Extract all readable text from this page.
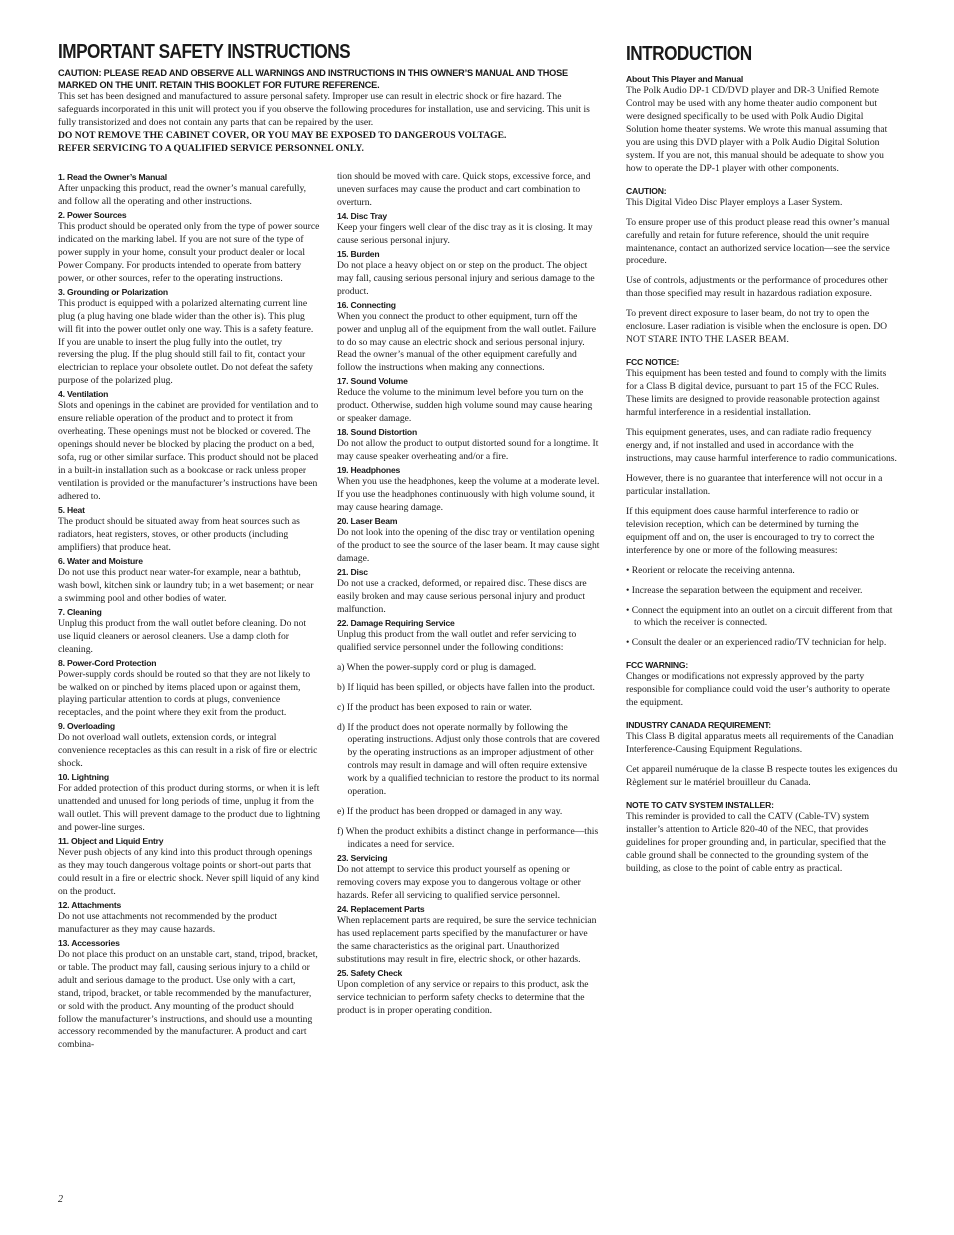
IMPORTANT SAFETY INSTRUCTIONS
CAUTION: PLEASE READ AND OBSERVE ALL WARNINGS AND INSTRUCTIONS IN THIS OWNER’S MANUAL AND THOSE MARKED ON THE UNIT. RETAIN THIS BOOKLET FOR FUTURE REFERENCE.
This set has been designed and manufactured to assure personal safety. Improper use can result in electric shock or fire hazard. The safeguards incorporated in this unit will protect you if you observe the following procedures for installation, use and servicing. This unit is fully transistorized and does not contain any parts that can be repaired by the user.
DO NOT REMOVE THE CABINET COVER, OR YOU MAY BE EXPOSED TO DANGEROUS VOLTAGE.
REFER SERVICING TO A QUALIFIED SERVICE PERSONNEL ONLY.
1. Read the Owner’s Manual
After unpacking this product, read the owner’s manual carefully, and follow all the operating and other instructions.
2. Power Sources
This product should be operated only from the type of power source indicated on the marking label. If you are not sure of the type of power supply in your home, consult your product dealer or local Power Company. For products intended to operate from battery power, or other sources, refer to the operating instructions.
3. Grounding or Polarization
This product is equipped with a polarized alternating current line plug (a plug having one blade wider than the other is). This plug will fit into the power outlet only one way. This is a safety feature. If you are unable to insert the plug fully into the outlet, try reversing the plug. If the plug should still fail to fit, contact your electrician to replace your obsolete outlet. Do not defeat the safety purpose of the polarized plug.
4. Ventilation
Slots and openings in the cabinet are provided for ventilation and to ensure reliable operation of the product and to protect it from overheating. These openings must not be blocked or covered. The openings should never be blocked by placing the product on a bed, sofa, rug or other similar surface. This product should not be placed in a built-in installation such as a bookcase or rack unless proper ventilation is provided or the manufacturer’s instructions have been adhered to.
5. Heat
The product should be situated away from heat sources such as radiators, heat registers, stoves, or other products (including amplifiers) that produce heat.
6. Water and Moisture
Do not use this product near water-for example, near a bathtub, wash bowl, kitchen sink or laundry tub; in a wet basement; or near a swimming pool and other bodies of water.
7. Cleaning
Unplug this product from the wall outlet before cleaning. Do not use liquid cleaners or aerosol cleaners. Use a damp cloth for cleaning.
8. Power-Cord Protection
Power-supply cords should be routed so that they are not likely to be walked on or pinched by items placed upon or against them, playing particular attention to cords at plugs, convenience receptacles, and the point where they exit from the product.
9. Overloading
Do not overload wall outlets, extension cords, or integral convenience receptacles as this can result in a risk of fire or electric shock.
10. Lightning
For added protection of this product during storms, or when it is left unattended and unused for long periods of time, unplug it from the wall outlet. This will prevent damage to the product due to lightning and power-line surges.
11. Object and Liquid Entry
Never push objects of any kind into this product through openings as they may touch dangerous voltage points or short-out parts that could result in a fire or electric shock. Never spill liquid of any kind on the product.
12. Attachments
Do not use attachments not recommended by the product manufacturer as they may cause hazards.
13. Accessories
Do not place this product on an unstable cart, stand, tripod, bracket, or table. The product may fall, causing serious injury to a child or adult and serious damage to the product. Use only with a cart, stand, tripod, bracket, or table recommended by the manufacturer, or sold with the product. Any mounting of the product should follow the manufacturer’s instructions, and should use a mounting accessory recommended by the manufacturer. A product and cart combina-
tion should be moved with care. Quick stops, excessive force, and uneven surfaces may cause the product and cart combination to overturn.
14. Disc Tray
Keep your fingers well clear of the disc tray as it is closing. It may cause serious personal injury.
15. Burden
Do not place a heavy object on or step on the product. The object may fall, causing serious personal injury and serious damage to the product.
16. Connecting
When you connect the product to other equipment, turn off the power and unplug all of the equipment from the wall outlet. Failure to do so may cause an electric shock and serious personal injury. Read the owner’s manual of the other equipment carefully and follow the instructions when making any connections.
17. Sound Volume
Reduce the volume to the minimum level before you turn on the product. Otherwise, sudden high volume sound may cause hearing or speaker damage.
18. Sound Distortion
Do not allow the product to output distorted sound for a longtime. It may cause speaker overheating and/or a fire.
19. Headphones
When you use the headphones, keep the volume at a moderate level. If you use the headphones continuously with high volume sound, it may cause hearing damage.
20. Laser Beam
Do not look into the opening of the disc tray or ventilation opening of the product to see the source of the laser beam. It may cause sight damage.
21. Disc
Do not use a cracked, deformed, or repaired disc. These discs are easily broken and may cause serious personal injury and product malfunction.
22. Damage Requiring Service
Unplug this product from the wall outlet and refer servicing to qualified service personnel under the following conditions:
a) When the power-supply cord or plug is damaged.
b) If liquid has been spilled, or objects have fallen into the product.
c) If the product has been exposed to rain or water.
d) If the product does not operate normally by following the operating instructions. Adjust only those controls that are covered by the operating instructions as an improper adjustment of other controls may result in damage and will often require extensive work by a qualified technician to restore the product to its normal operation.
e) If the product has been dropped or damaged in any way.
f) When the product exhibits a distinct change in performance—this indicates a need for service.
23. Servicing
Do not attempt to service this product yourself as opening or removing covers may expose you to dangerous voltage or other hazards. Refer all servicing to qualified service personnel.
24. Replacement Parts
When replacement parts are required, be sure the service technician has used replacement parts specified by the manufacturer or have the same characteristics as the original part. Unauthorized substitutions may result in fire, electric shock, or other hazards.
25. Safety Check
Upon completion of any service or repairs to this product, ask the service technician to perform safety checks to determine that the product is in proper operating condition.
INTRODUCTION
About This Player and Manual
The Polk Audio DP-1 CD/DVD player and DR-3 Unified Remote Control may be used with any home theater audio component but were designed specifically to be used with Polk Audio Digital Solution home theater systems. We wrote this manual assuming that you are using this DVD player with a Polk Audio Digital Solution system. If you are not, this manual should be adequate to show you how to operate the DP-1 player with other components.
CAUTION:
This Digital Video Disc Player employs a Laser System.
To ensure proper use of this product please read this owner’s manual carefully and retain for future reference, should the unit require maintenance, contact an authorized service location—see the service procedure.
Use of controls, adjustments or the performance of procedures other than those specified may result in hazardous radiation exposure.
To prevent direct exposure to laser beam, do not try to open the enclosure. Laser radiation is visible when the enclosure is open. DO NOT STARE INTO THE LASER BEAM.
FCC NOTICE:
This equipment has been tested and found to comply with the limits for a Class B digital device, pursuant to part 15 of the FCC Rules. These limits are designed to provide reasonable protection against harmful interference in a residential installation.
This equipment generates, uses, and can radiate radio frequency energy and, if not installed and used in accordance with the instructions, may cause harmful interference to radio communications.
However, there is no guarantee that interference will not occur in a particular installation.
If this equipment does cause harmful interference to radio or television reception, which can be determined by turning the equipment off and on, the user is encouraged to try to correct the interference by one or more of the following measures:
• Reorient or relocate the receiving antenna.
• Increase the separation between the equipment and receiver.
• Connect the equipment into an outlet on a circuit different from that to which the receiver is connected.
• Consult the dealer or an experienced radio/TV technician for help.
FCC WARNING:
Changes or modifications not expressly approved by the party responsible for compliance could void the user’s authority to operate the equipment.
INDUSTRY CANADA REQUIREMENT:
This Class B digital apparatus meets all requirements of the Canadian Interference-Causing Equipment Regulations.
Cet appareil numéruque de la classe B respecte toutes les exigences du Règlement sur le matériel brouilleur du Canada.
NOTE TO CATV SYSTEM INSTALLER:
This reminder is provided to call the CATV (Cable-TV) system installer’s attention to Article 820-40 of the NEC, that provides guidelines for proper grounding and, in particular, specified that the cable ground shall be connected to the grounding system of the building, as close to the point of cable entry as practical.
2
